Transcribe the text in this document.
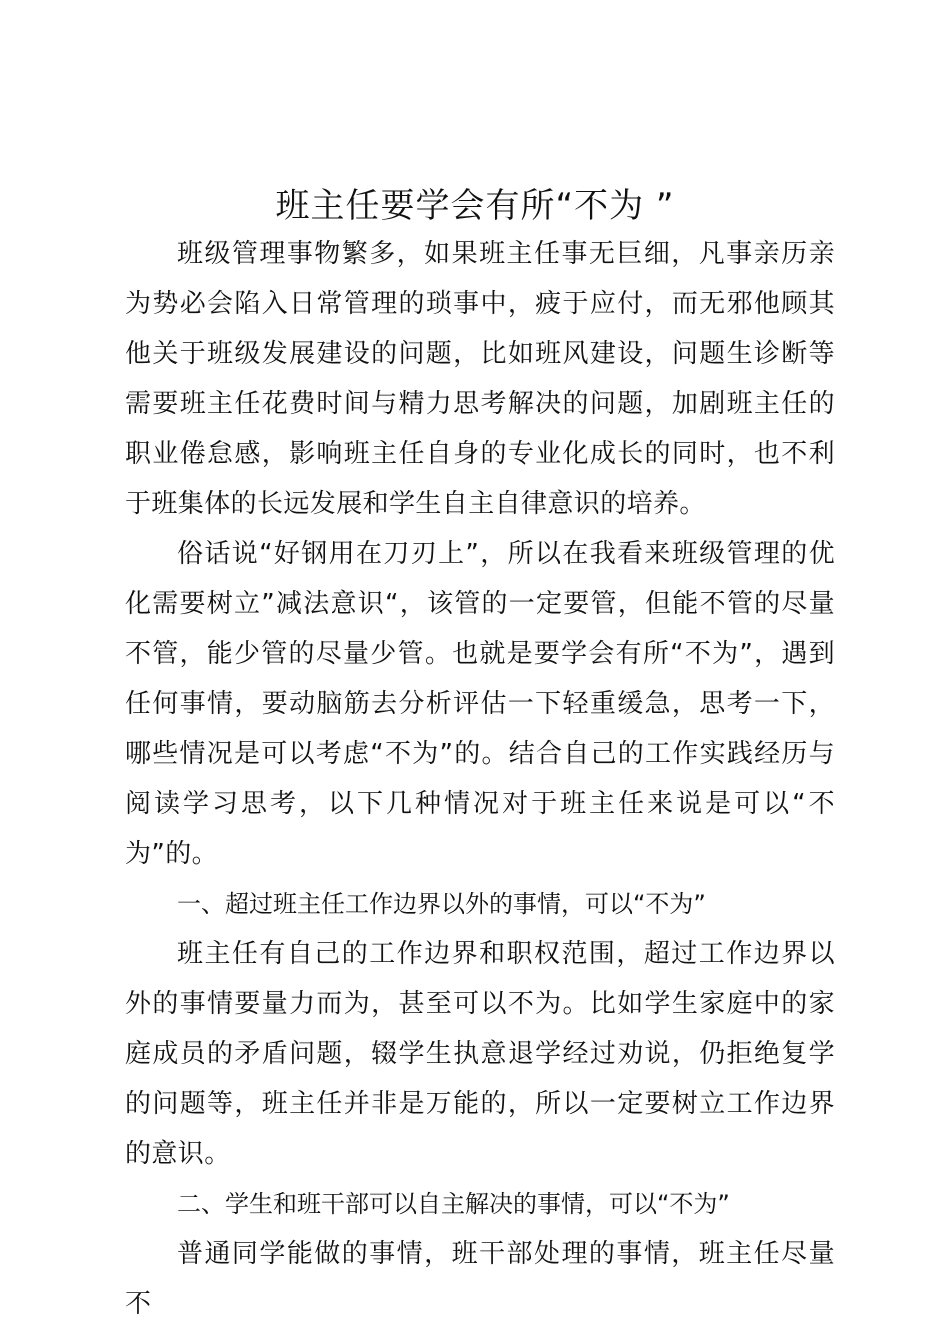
班主任要学会有所“不为 ”

班级管理事物繁多，如果班主任事无巨细，凡事亲历亲为势必会陷入日常管理的琐事中，疲于应付，而无邪他顾其他关于班级发展建设的问题，比如班风建设，问题生诊断等需要班主任花费时间与精力思考解决的问题，加剧班主任的职业倦怠感，影响班主任自身的专业化成长的同时，也不利于班集体的长远发展和学生自主自律意识的培养。

俗话说“好钢用在刀刃上”，所以在我看来班级管理的优化需要树立”减法意识“，该管的一定要管，但能不管的尽量不管，能少管的尽量少管。也就是要学会有所“不为”，遇到任何事情，要动脑筋去分析评估一下轻重缓急，思考一下，哪些情况是可以考虑“不为”的。结合自己的工作实践经历与阅读学习思考，以下几种情况对于班主任来说是可以“不为”的。

一、超过班主任工作边界以外的事情，可以“不为”

班主任有自己的工作边界和职权范围，超过工作边界以外的事情要量力而为，甚至可以不为。比如学生家庭中的家庭成员的矛盾问题，辍学生执意退学经过劝说，仍拒绝复学的问题等，班主任并非是万能的，所以一定要树立工作边界的意识。

二、学生和班干部可以自主解决的事情，可以“不为”

普通同学能做的事情，班干部处理的事情，班主任尽量不
